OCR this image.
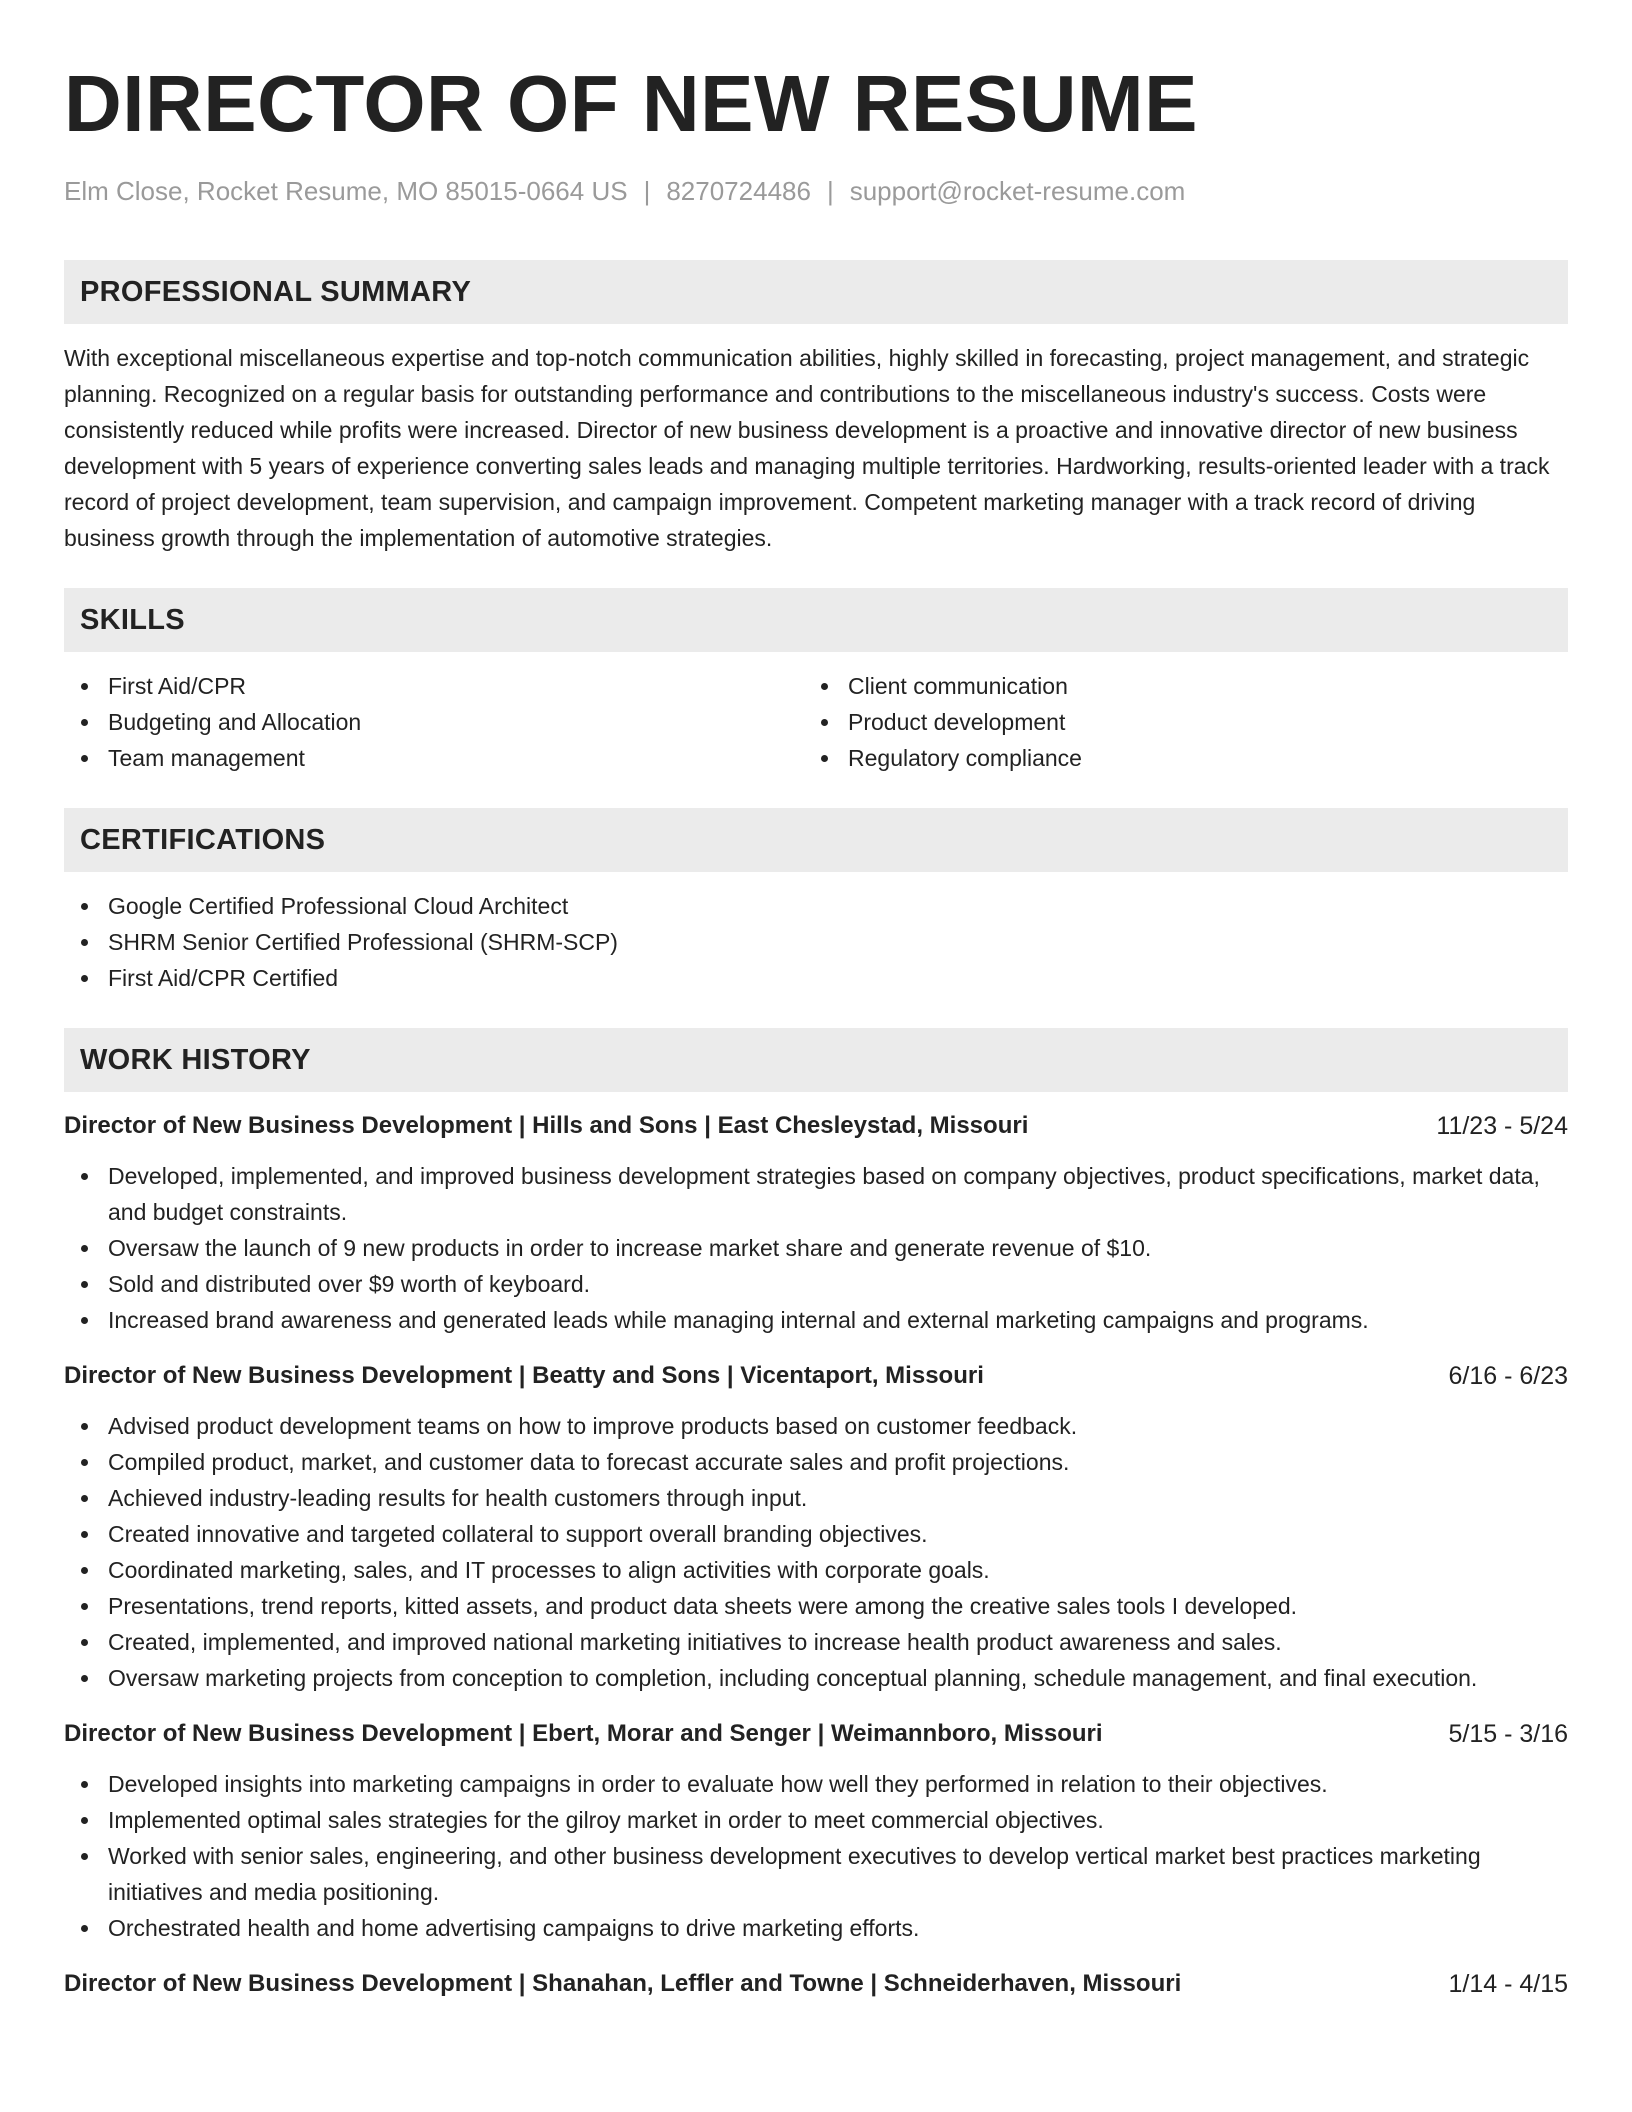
DIRECTOR OF NEW RESUME
Elm Close, Rocket Resume, MO 85015-0664 US | 8270724486 | support@rocket-resume.com
PROFESSIONAL SUMMARY

With exceptional miscellaneous expertise and top-notch communication abilities, highly skilled in forecasting, project management, and strategic planning. Recognized on a regular basis for outstanding performance and contributions to the miscellaneous industry's success. Costs were consistently reduced while profits were increased. Director of new business development is a proactive and innovative director of new business development with 5 years of experience converting sales leads and managing multiple territories. Hardworking, results-oriented leader with a track record of project development, team supervision, and campaign improvement. Competent marketing manager with a track record of driving business growth through the implementation of automotive strategies.

SKILLS
First Aid/CPR
Budgeting and Allocation
Team management
Client communication
Product development
Regulatory compliance
CERTIFICATIONS
Google Certified Professional Cloud Architect
SHRM Senior Certified Professional (SHRM-SCP)
First Aid/CPR Certified
WORK HISTORY
Director of New Business Development | Hills and Sons | East Chesleystad, Missouri	11/23 - 5/24
Developed, implemented, and improved business development strategies based on company objectives, product specifications, market data, and budget constraints.
Oversaw the launch of 9 new products in order to increase market share and generate revenue of $10.
Sold and distributed over $9 worth of keyboard.
Increased brand awareness and generated leads while managing internal and external marketing campaigns and programs.
Director of New Business Development | Beatty and Sons | Vicentaport, Missouri	6/16 - 6/23
Advised product development teams on how to improve products based on customer feedback.
Compiled product, market, and customer data to forecast accurate sales and profit projections.
Achieved industry-leading results for health customers through input.
Created innovative and targeted collateral to support overall branding objectives.
Coordinated marketing, sales, and IT processes to align activities with corporate goals.
Presentations, trend reports, kitted assets, and product data sheets were among the creative sales tools I developed.
Created, implemented, and improved national marketing initiatives to increase health product awareness and sales.
Oversaw marketing projects from conception to completion, including conceptual planning, schedule management, and final execution.
Director of New Business Development | Ebert, Morar and Senger | Weimannboro, Missouri	5/15 - 3/16
Developed insights into marketing campaigns in order to evaluate how well they performed in relation to their objectives.
Implemented optimal sales strategies for the gilroy market in order to meet commercial objectives.
Worked with senior sales, engineering, and other business development executives to develop vertical market best practices marketing initiatives and media positioning.
Orchestrated health and home advertising campaigns to drive marketing efforts.
Director of New Business Development | Shanahan, Leffler and Towne | Schneiderhaven, Missouri	1/14 - 4/15
